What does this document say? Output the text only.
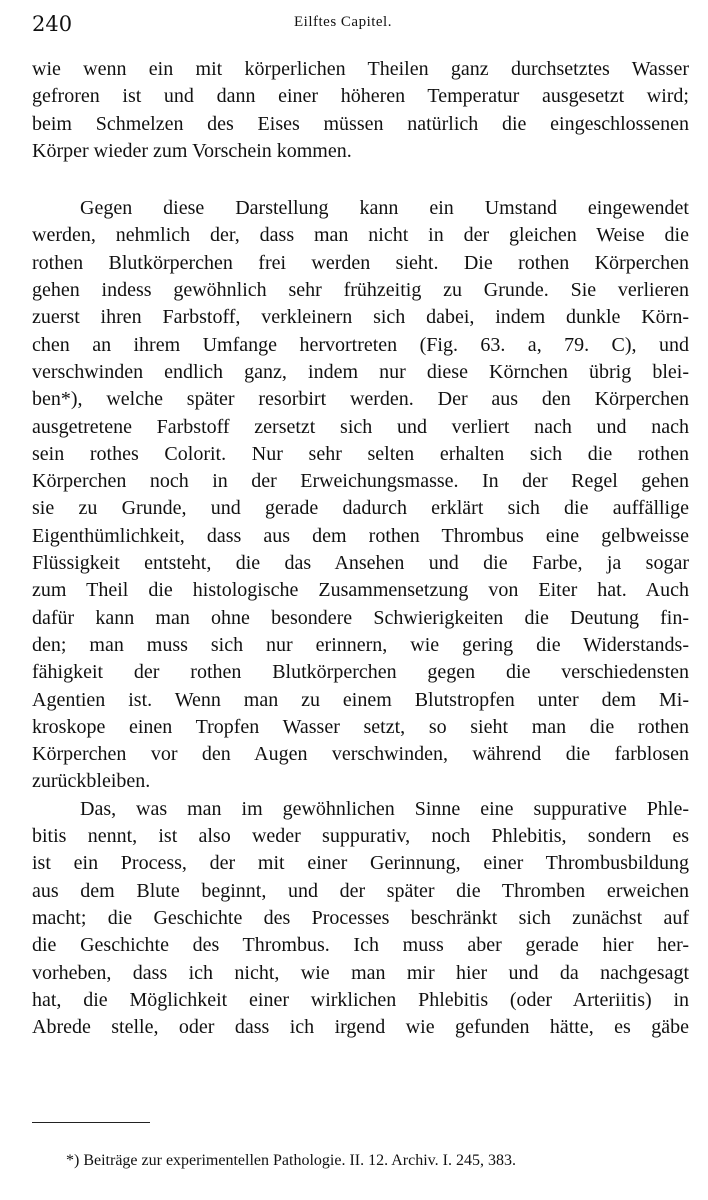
240	Eilftes Capitel.
wie wenn ein mit körperlichen Theilen ganz durchsetztes Wasser
gefroren ist und dann einer höheren Temperatur ausgesetzt wird;
beim Schmelzen des Eises müssen natürlich die eingeschlossenen
Körper wieder zum Vorschein kommen.
Gegen diese Darstellung kann ein Umstand eingewendet
werden, nehmlich der, dass man nicht in der gleichen Weise die
rothen Blutkörperchen frei werden sieht. Die rothen Körperchen
gehen indess gewöhnlich sehr frühzeitig zu Grunde. Sie verlieren
zuerst ihren Farbstoff, verkleinern sich dabei, indem dunkle Körn-
chen an ihrem Umfange hervortreten (Fig. 63. a, 79. C), und
verschwinden endlich ganz, indem nur diese Körnchen übrig blei-
ben*), welche später resorbirt werden. Der aus den Körperchen
ausgetretene Farbstoff zersetzt sich und verliert nach und nach
sein rothes Colorit. Nur sehr selten erhalten sich die rothen
Körperchen noch in der Erweichungsmasse. In der Regel gehen
sie zu Grunde, und gerade dadurch erklärt sich die auffällige
Eigenthümlichkeit, dass aus dem rothen Thrombus eine gelbweisse
Flüssigkeit entsteht, die das Ansehen und die Farbe, ja sogar
zum Theil die histologische Zusammensetzung von Eiter hat. Auch
dafür kann man ohne besondere Schwierigkeiten die Deutung fin-
den; man muss sich nur erinnern, wie gering die Widerstands-
fähigkeit der rothen Blutkörperchen gegen die verschiedensten
Agentien ist. Wenn man zu einem Blutstropfen unter dem Mi-
kroskope einen Tropfen Wasser setzt, so sieht man die rothen
Körperchen vor den Augen verschwinden, während die farblosen
zurückbleiben.
Das, was man im gewöhnlichen Sinne eine suppurative Phle-
bitis nennt, ist also weder suppurativ, noch Phlebitis, sondern es
ist ein Process, der mit einer Gerinnung, einer Thrombusbildung
aus dem Blute beginnt, und der später die Thromben erweichen
macht; die Geschichte des Processes beschränkt sich zunächst auf
die Geschichte des Thrombus. Ich muss aber gerade hier her-
vorheben, dass ich nicht, wie man mir hier und da nachgesagt
hat, die Möglichkeit einer wirklichen Phlebitis (oder Arteriitis) in
Abrede stelle, oder dass ich irgend wie gefunden hätte, es gäbe
*) Beiträge zur experimentellen Pathologie. II. 12. Archiv. I. 245, 383.
